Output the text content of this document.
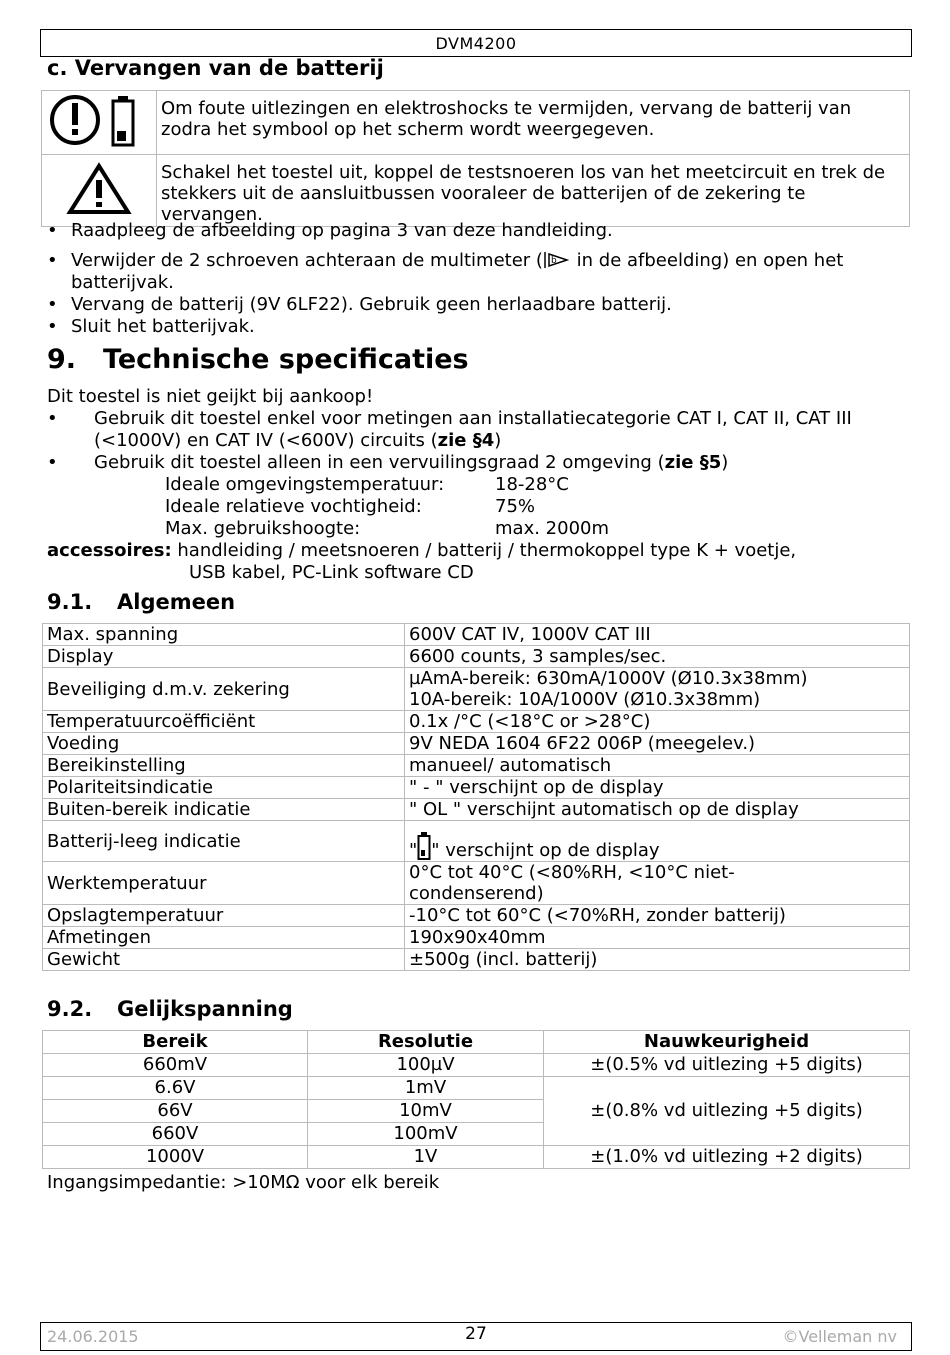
DVM4200
c. Vervangen van de batterij
	Om foute uitlezingen en elektroshocks te vermijden, vervang de batterij van zodra het symbool op het scherm wordt weergegeven.
	Schakel het toestel uit, koppel de testsnoeren los van het meetcircuit en trek de stekkers uit de aansluitbussen vooraleer de batterijen of de zekering te vervangen.
• Raadpleeg de afbeelding op pagina 3 van deze handleiding.
• Verwijder de 2 schroeven achteraan de multimeter ( b in de afbeelding) en open het batterijvak.
• Vervang de batterij (9V 6LF22). Gebruik geen herlaadbare batterij.
• Sluit het batterijvak.
9. Technische specificaties

Dit toestel is niet geijkt bij aankoop!

• Gebruik dit toestel enkel voor metingen aan installatiecategorie CAT I, CAT II, CAT III (<1000V) en CAT IV (<600V) circuits (zie §4)
• Gebruik dit toestel alleen in een vervuilingsgraad 2 omgeving (zie §5)
Ideale omgevingstemperatuur:	18-28°C
Ideale relatieve vochtigheid:	75%
Max. gebruikshoogte:	max. 2000m
accessoires: handleiding / meetsnoeren / batterij / thermokoppel type K + voetje,
USB kabel, PC-Link software CD
9.1. Algemeen
Max. spanning	600V CAT IV, 1000V CAT III
Display	6600 counts, 3 samples/sec.
Beveiliging d.m.v. zekering	µAmA-bereik: 630mA/1000V (Ø10.3x38mm)
10A-bereik: 10A/1000V (Ø10.3x38mm)
Temperatuurcoëfficiënt	0.1x /°C (<18°C or >28°C)
Voeding	9V NEDA 1604 6F22 006P (meegelev.)
Bereikinstelling	manueel/ automatisch
Polariteitsindicatie	" - " verschijnt op de display
Buiten-bereik indicatie	" OL " verschijnt automatisch op de display
Batterij-leeg indicatie	" " verschijnt op de display
Werktemperatuur	0°C tot 40°C (<80%RH, <10°C niet-
condenserend)
Opslagtemperatuur	-10°C tot 60°C (<70%RH, zonder batterij)
Afmetingen	190x90x40mm
Gewicht	±500g (incl. batterij)
9.2. Gelijkspanning
Bereik	Resolutie	Nauwkeurigheid
660mV	100µV	±(0.5% vd uitlezing +5 digits)
6.6V	1mV	±(0.8% vd uitlezing +5 digits)
66V	10mV	
660V	100mV	
1000V	1V	±(1.0% vd uitlezing +2 digits)

Ingangsimpedantie: >10MΩ voor elk bereik

24.06.2015	27	©Velleman nv
